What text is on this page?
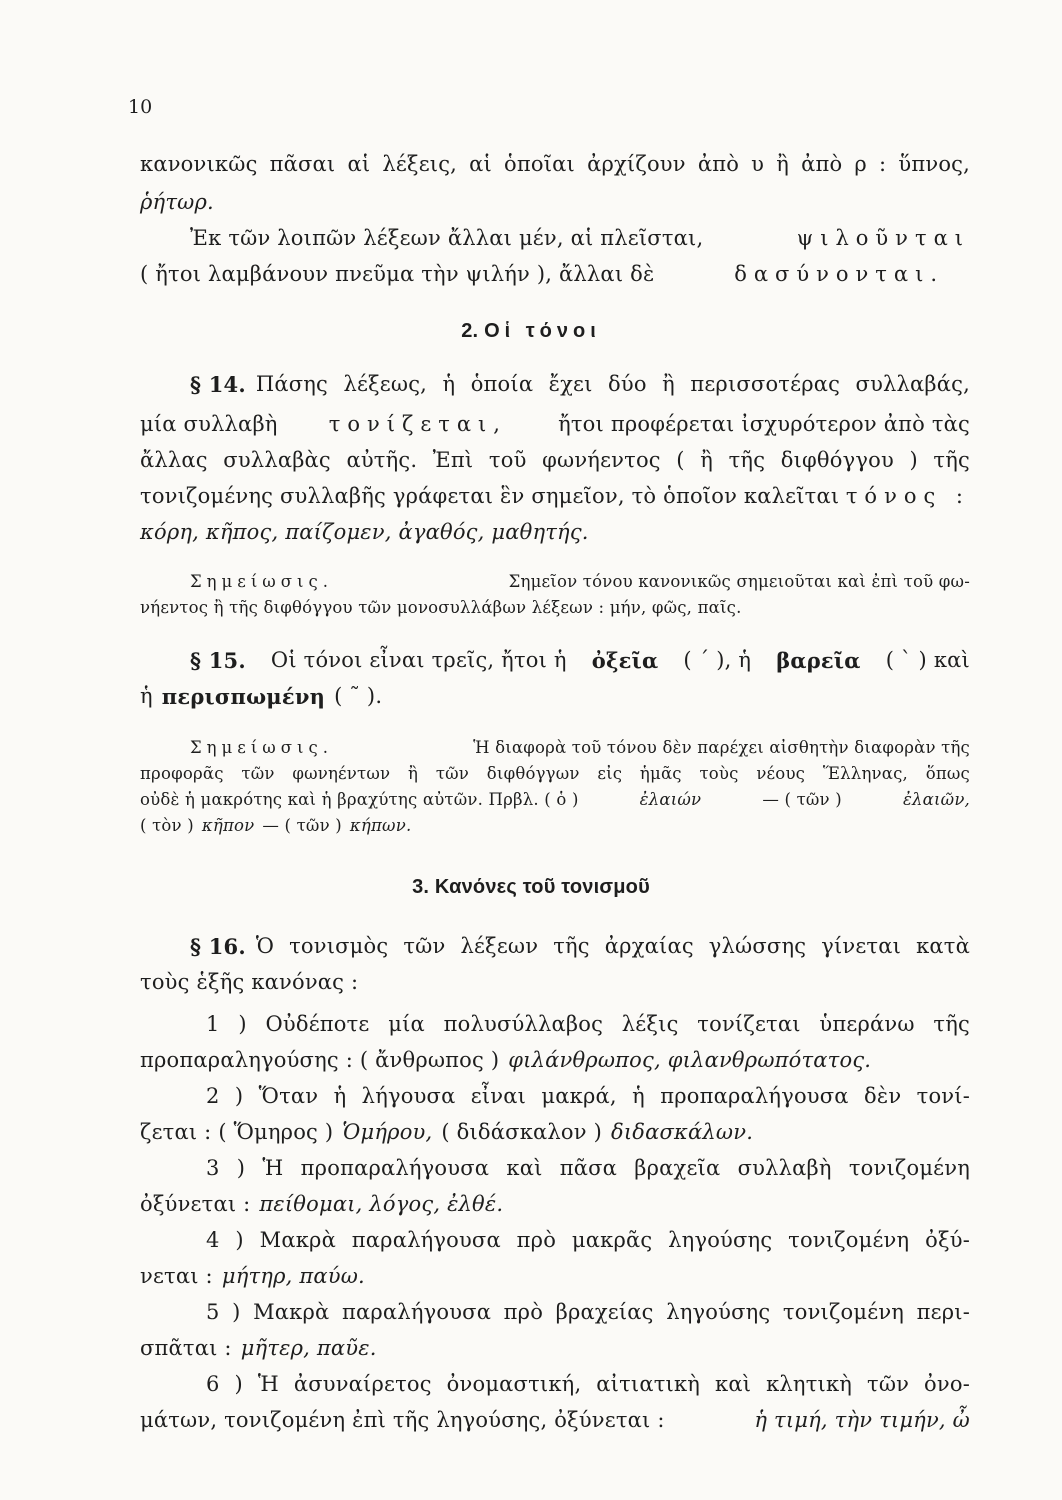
10
κανονικῶς πᾶσαι αἱ λέξεις, αἱ ὁποῖαι ἀρχίζουν ἀπὸ υ ἢ ἀπὸ ρ : ὕπνος,
ῥήτωρ.
Ἐκ τῶν λοιπῶν λέξεων ἄλλαι μέν, αἱ πλεῖσται,	ψιλοῦνται
( ἤτοι λαμβάνουν πνεῦμα τὴν ψιλήν ), ἄλλαι δὲ	δασύνονται.
2. Οἱ τόνοι
§ 14. Πάσης λέξεως, ἡ ὁποία ἔχει δύο ἢ περισσοτέρας συλλαβάς,
μία συλλαβὴ τονίζεται, ἤτοι προφέρεται ἰσχυρότερον ἀπὸ τὰς
ἄλλας συλλαβὰς αὐτῆς. Ἐπὶ τοῦ φωνήεντος ( ἢ τῆς διφθόγγου ) τῆς
τονιζομένης συλλαβῆς γράφεται ἓν σημεῖον, τὸ ὁποῖον καλεῖται τόνος :
κόρη, κῆπος, παίζομεν, ἀγαθός, μαθητής.
Σημείωσις.	Σημεῖον τόνου κανονικῶς σημειοῦται καὶ ἐπὶ τοῦ φω-
νήεντος ἢ τῆς διφθόγγου τῶν μονοσυλλάβων λέξεων : μήν, φῶς, παῖς.
§ 15. Οἱ τόνοι εἶναι τρεῖς, ἤτοι ἡ ὀξεῖα ( ´ ), ἡ βαρεῖα ( ` ) καὶ
ἡ περισπωμένη ( ˜ ).
Σημείωσις.	Ἡ διαφορὰ τοῦ τόνου δὲν παρέχει αἰσθητὴν διαφορὰν τῆς
προφορᾶς τῶν φωνηέντων ἢ τῶν διφθόγγων εἰς ἡμᾶς τοὺς νέους Ἕλληνας, ὅπως
οὐδὲ ἡ μακρότης καὶ ἡ βραχύτης αὐτῶν. Πρβλ. ( ὁ )	ἐλαιών	— ( τῶν )	ἐλαιῶν,
( τὸν ) κῆπον — ( τῶν ) κήπων.
3. Κανόνες τοῦ τονισμοῦ
§ 16. Ὁ τονισμὸς τῶν λέξεων τῆς ἀρχαίας γλώσσης γίνεται κατὰ
τοὺς ἑξῆς κανόνας :
1 ) Οὐδέποτε μία πολυσύλλαβος λέξις τονίζεται ὑπεράνω τῆς
προπαραληγούσης : ( ἄνθρωπος ) φιλάνθρωπος, φιλανθρωπότατος.
2 ) Ὅταν ἡ λήγουσα εἶναι μακρά, ἡ προπαραλήγουσα δὲν τονί-
ζεται : ( Ὅμηρος ) Ὁμήρου, ( διδάσκαλον ) διδασκάλων.
3 ) Ἡ προπαραλήγουσα καὶ πᾶσα βραχεῖα συλλαβὴ τονιζομένη
ὀξύνεται : πείθομαι, λόγος, ἐλθέ.
4 ) Μακρὰ παραλήγουσα πρὸ μακρᾶς ληγούσης τονιζομένη ὀξύ-
νεται : μήτηρ, παύω.
5 ) Μακρὰ παραλήγουσα πρὸ βραχείας ληγούσης τονιζομένη περι-
σπᾶται : μῆτερ, παῦε.
6 ) Ἡ ἀσυναίρετος ὀνομαστική, αἰτιατικὴ καὶ κλητικὴ τῶν ὀνο-
μάτων, τονιζομένη ἐπὶ τῆς ληγούσης, ὀξύνεται :	ἡ τιμή, τὴν τιμήν, ὦ
